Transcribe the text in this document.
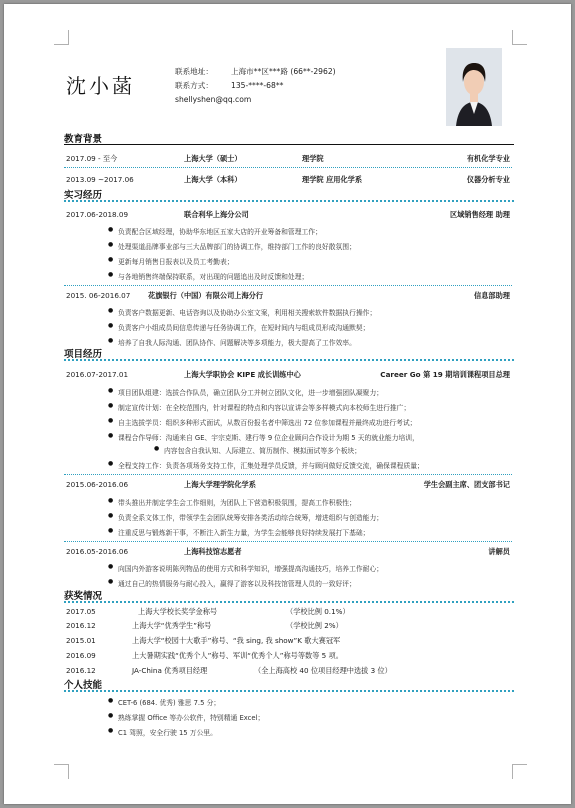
沈小菡
联系地址： 上海市**区***路 (66**-2962)
联系方式： 135-****-68**
shellyshen@qq.com
教育背景
2017.09 - 至今	上海大学（硕士）	理学院	有机化学专业
2013.09 ~2017.06	上海大学（本科）	理学院 应用化学系	仪器分析专业
实习经历
2017.06-2018.09	联合利华上海分公司	区域销售经理 助理
● 负责配合区域经理，协助华东地区五家大店的开业筹备和管理工作；
● 处理渠道品牌事业部与三大品牌部门的协调工作，维持部门工作的良好散氛围；
● 更新每月销售日报表以及员工考勤表；
● 与各地销售终端保持联系，对出现的问题追出及时反馈和处理；
2015. 06-2016.07 花旗银行（中国）有限公司上海分行	信息部助理
● 负责客户数据更新、电话咨询以及协助办公室文案，利用相关搜索软件数据执行操作；
● 负责客户小组成员间信息传递与任务协调工作，在短时间内与组成员形成沟通默契；
● 培养了自我人际沟通、团队协作、问题解决等多项能力，极大提高了工作效率。
项目经历
2016.07-2017.01	上海大学职协会 KIPE 成长训练中心	Career Go 第 19 期培训课程项目总理
● 项目团队组建：选拔合作队员，确立团队分工并树立团队文化，进一步增强团队凝聚力；
● 制定宣传计划：在全校范围内，针对课程的特点和内容以宣讲会等多样模式向本校师生进行推广；
● 自主选拔学员：组织多种形式面试，从数百份报名者中筛选出 72 位参加课程并最终成功进行考试；
● 课程合作导师：沟通来自 GE、宇宗克斯、建行等 9 位企业顾问合作设计为期 5 天的就业能力培训，
● 内容包含自我认知、人际建立、简历制作、模拟面试等多个板块；
● 全程支持工作：负责各项场务支持工作，汇集处理学员反馈，并与顾问做好反馈交流，确保课程质量；
2015.06-2016.06	上海大学理学院化学系	学生会副主席、团支部书记
● 带头推出并制定学生会工作细则，为团队上下营造积极氛围，提高工作积极性；
● 负责全系文体工作，带领学生会团队统筹安排各类活动综合统筹，增进组织与创造能力；
● 注重反思与锻炼新干事，不断注入新生力量，为学生会能够良好持续发展打下基础；
2016.05-2016.06	上海科技馆志愿者	讲解员
● 向国内外游客说明陈列物品的使用方式和科学知识，增强提高沟通技巧，培养工作耐心；
● 通过自己的热情服务与耐心投入，赢得了游客以及科技馆管理人员的一致好评；
获奖情况
2017.05	上海大学校长奖学金称号	（学校比例 0.1%）
2016.12	上海大学“优秀学生”称号	（学校比例 2%）
2015.01	上海大学“校园十大歌手”称号、“我 sing, 我 show”K 歌大赛冠军
2016.09	上大暑期实践“优秀个人”称号、军训“优秀个人”称号等数等 5 项。
2016.12	JA-China 优秀项目经理	（全上海高校 40 位项目经理中选拔 3 位）
个人技能
● CET-6 (684. 优秀) 雅思 7.5 分；
● 熟练掌握 Office 等办公软件，特别精通 Excel；
● C1 驾照，安全行驶 15 万公里。
